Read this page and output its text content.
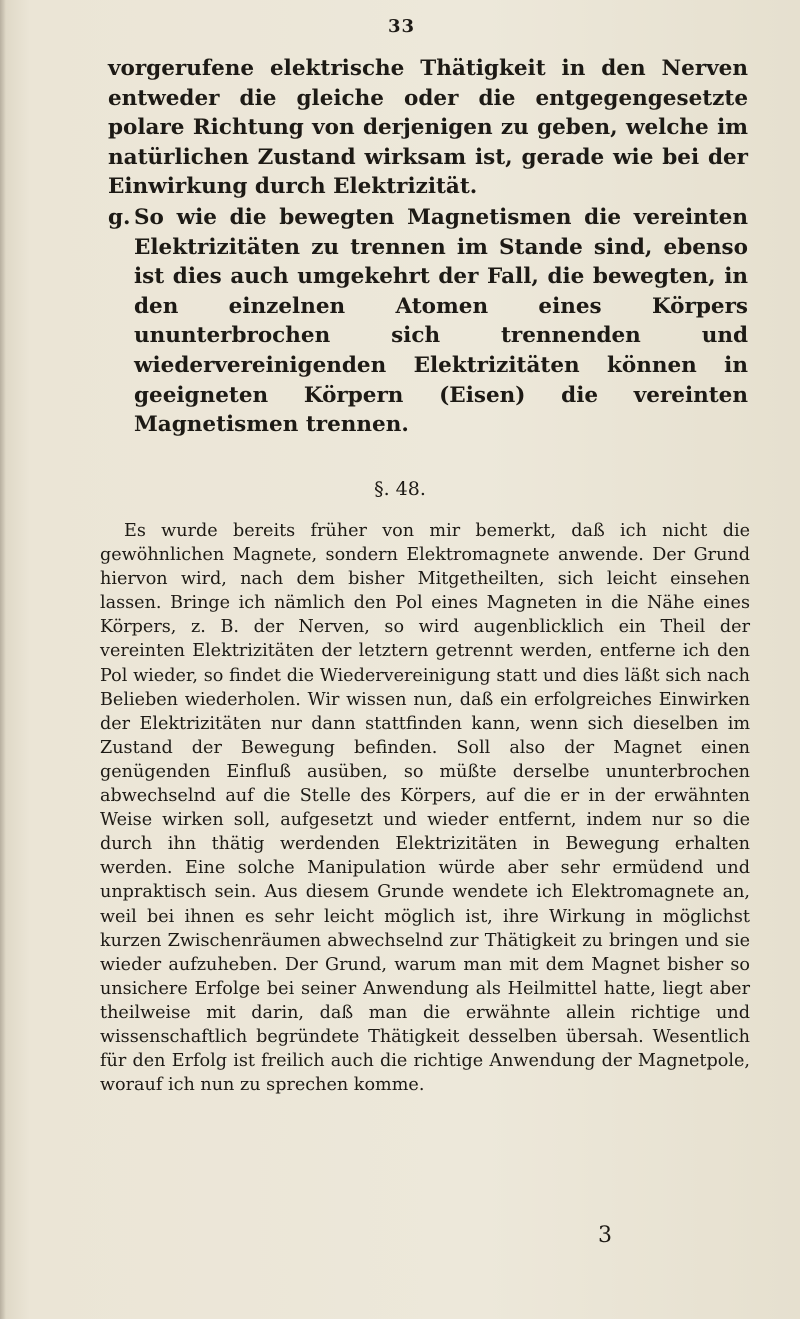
33

vorgerufene elektrische Thätigkeit in den Nerven entweder die gleiche oder die entgegengesetzte polare Richtung von derjenigen zu geben, welche im natürlichen Zustand wirksam ist, gerade wie bei der Einwirkung durch Elektrizität.

g. So wie die bewegten Magnetismen die vereinten Elektrizitäten zu trennen im Stande sind, ebenso ist dies auch umgekehrt der Fall, die bewegten, in den einzelnen Atomen eines Körpers ununterbrochen sich trennenden und wiedervereinigenden Elektrizitäten können in geeigneten Körpern (Eisen) die vereinten Magnetismen trennen.

§. 48.

Es wurde bereits früher von mir bemerkt, daß ich nicht die gewöhnlichen Magnete, sondern Elektromagnete anwende. Der Grund hiervon wird, nach dem bisher Mitgetheilten, sich leicht einsehen lassen. Bringe ich nämlich den Pol eines Magneten in die Nähe eines Körpers, z. B. der Nerven, so wird augenblicklich ein Theil der vereinten Elektrizitäten der letztern getrennt werden, entferne ich den Pol wieder, so findet die Wiedervereinigung statt und dies läßt sich nach Belieben wiederholen. Wir wissen nun, daß ein erfolgreiches Einwirken der Elektrizitäten nur dann stattfinden kann, wenn sich dieselben im Zustand der Bewegung befinden. Soll also der Magnet einen genügenden Einfluß ausüben, so müßte derselbe ununterbrochen abwechselnd auf die Stelle des Körpers, auf die er in der erwähnten Weise wirken soll, aufgesetzt und wieder entfernt, indem nur so die durch ihn thätig werdenden Elektrizitäten in Bewegung erhalten werden. Eine solche Manipulation würde aber sehr ermüdend und unpraktisch sein. Aus diesem Grunde wendete ich Elektromagnete an, weil bei ihnen es sehr leicht möglich ist, ihre Wirkung in möglichst kurzen Zwischenräumen abwechselnd zur Thätigkeit zu bringen und sie wieder aufzuheben. Der Grund, warum man mit dem Magnet bisher so unsichere Erfolge bei seiner Anwendung als Heilmittel hatte, liegt aber theilweise mit darin, daß man die erwähnte allein richtige und wissenschaftlich begründete Thätigkeit desselben übersah. Wesentlich für den Erfolg ist freilich auch die richtige Anwendung der Magnetpole, worauf ich nun zu sprechen komme.

3
